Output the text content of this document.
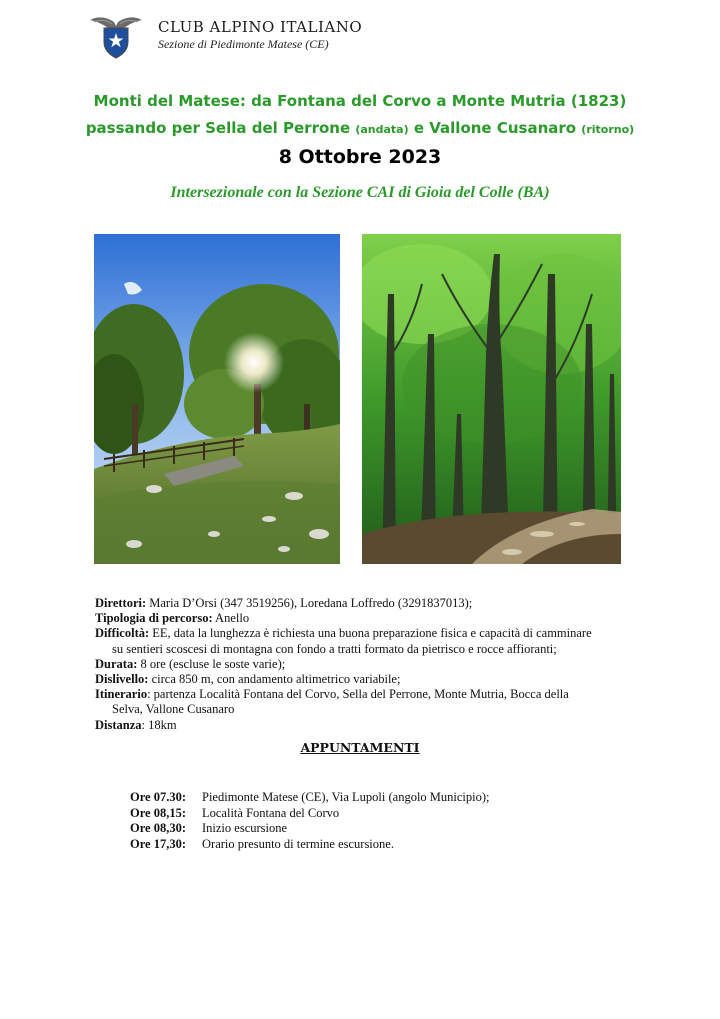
CLUB ALPINO ITALIANO
Sezione di Piedimonte Matese (CE)
Monti del Matese: da Fontana del Corvo a Monte Mutria (1823)
passando per Sella del Perrone (andata) e Vallone Cusanaro (ritorno)
8 Ottobre 2023
Intersezionale con la Sezione CAI di Gioia del Colle (BA)

Direttori: Maria D’Orsi (347 3519256), Loredana Loffredo (3291837013);

Tipologia di percorso: Anello

Difficoltà: EE, data la lunghezza è richiesta una buona preparazione fisica e capacità di camminare

su sentieri scoscesi di montagna con fondo a tratti formato da pietrisco e rocce affioranti;

Durata: 8 ore (escluse le soste varie);

Dislivello: circa 850 m, con andamento altimetrico variabile;

Itinerario: partenza Località Fontana del Corvo, Sella del Perrone, Monte Mutria, Bocca della

Selva, Vallone Cusanaro

Distanza: 18km

APPUNTAMENTI
Ore 07.30:	Piedimonte Matese (CE), Via Lupoli (angolo Municipio);
Ore 08,15:	Località Fontana del Corvo
Ore 08,30:	Inizio escursione
Ore 17,30:	Orario presunto di termine escursione.
